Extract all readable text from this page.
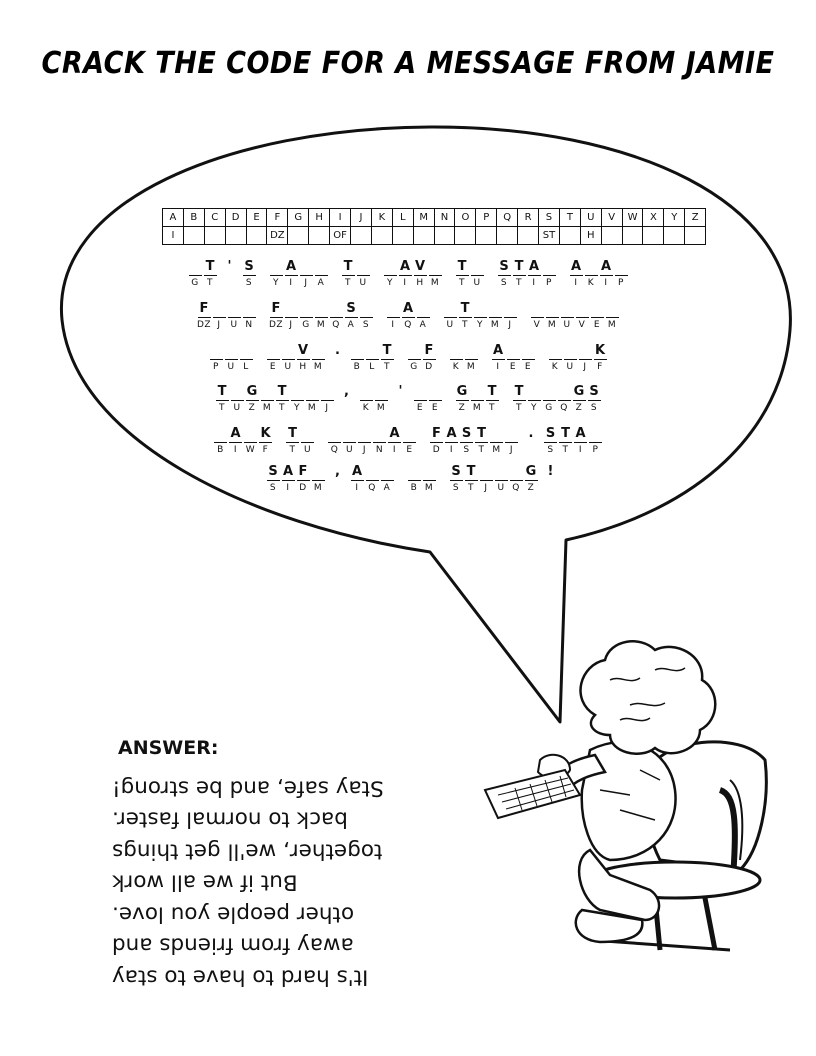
CRACK THE CODE FOR A MESSAGE FROM JAMIE
A	B	C	D	E	F	G	H	I	J	K	L	M	N	O	P	Q	R	S	T	U	V	W	X	Y	Z
I					DZ			OF										ST		H					
G
T
T
' S
S Y
A
I J A
T
T U Y
A
I
V
H M
T
T U
S
S
T
T
A
I P
A
I K
A
I P
F
DZ J U N
F
DZ J G M Q
S
A S I
A
Q A U
T
T Y M J V M U V E M
P U L E U
V
H M
.
B L
T
T G
F
D K M
A
I E E K U J
K
F
T
T U
G
Z M
T
T Y M J
,
K M
'
E E
G
Z M
T
T
T
T Y G Q
G
Z
S
S
B
A
I W
K
F
T
T U Q U J N
A
I E
F
D
A
I
S
S
T
T M J
. S
S
T
T
A
I P
S
S
A
I
F
D M
, A
I Q A B M
S
S
T
T J U Q
G
Z
!
ANSWER:
It's hard to have to stay
away from friends and
other people you love.
But if we all work
together, we'll get things
back to normal faster.
Stay safe, and be strong!
